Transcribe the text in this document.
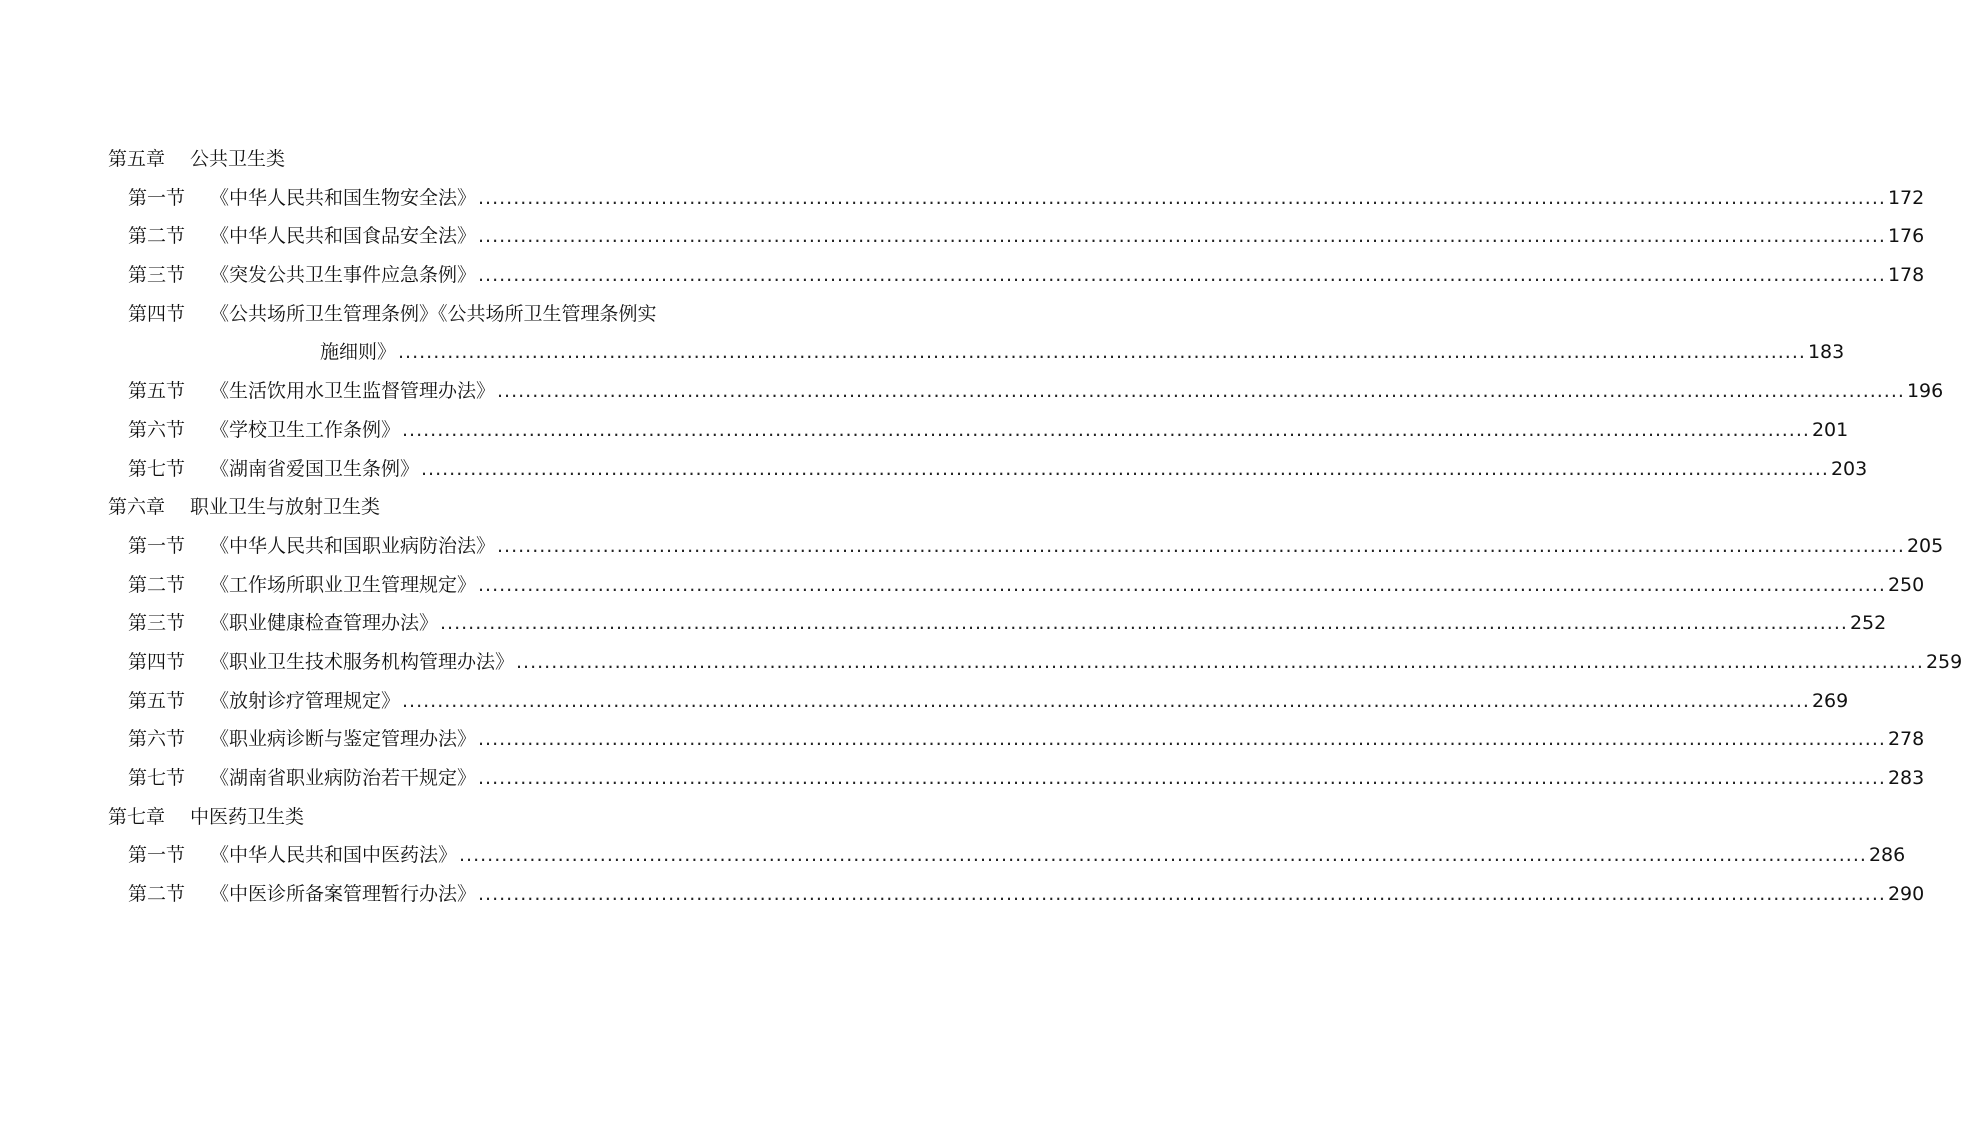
第五章 公共卫生类
第一节	《中华人民共和国生物安全法》 ........................................................................................................................................................................................................ 172
第二节	《中华人民共和国食品安全法》 ........................................................................................................................................................................................................ 176
第三节	《突发公共卫生事件应急条例》 ........................................................................................................................................................................................................ 178
第四节	《公共场所卫生管理条例》《公共场所卫生管理条例实
施细则》 ........................................................................................................................................................................................................ 183
第五节	《生活饮用水卫生监督管理办法》 ........................................................................................................................................................................................................ 196
第六节	《学校卫生工作条例》 ........................................................................................................................................................................................................ 201
第七节	《湖南省爱国卫生条例》 ........................................................................................................................................................................................................ 203
第六章 职业卫生与放射卫生类
第一节	《中华人民共和国职业病防治法》 ........................................................................................................................................................................................................ 205
第二节	《工作场所职业卫生管理规定》 ........................................................................................................................................................................................................ 250
第三节	《职业健康检查管理办法》 ........................................................................................................................................................................................................ 252
第四节	《职业卫生技术服务机构管理办法》 ........................................................................................................................................................................................................ 259
第五节	《放射诊疗管理规定》 ........................................................................................................................................................................................................ 269
第六节	《职业病诊断与鉴定管理办法》 ........................................................................................................................................................................................................ 278
第七节	《湖南省职业病防治若干规定》 ........................................................................................................................................................................................................ 283
第七章 中医药卫生类
第一节	《中华人民共和国中医药法》 ........................................................................................................................................................................................................ 286
第二节	《中医诊所备案管理暂行办法》 ........................................................................................................................................................................................................ 290
